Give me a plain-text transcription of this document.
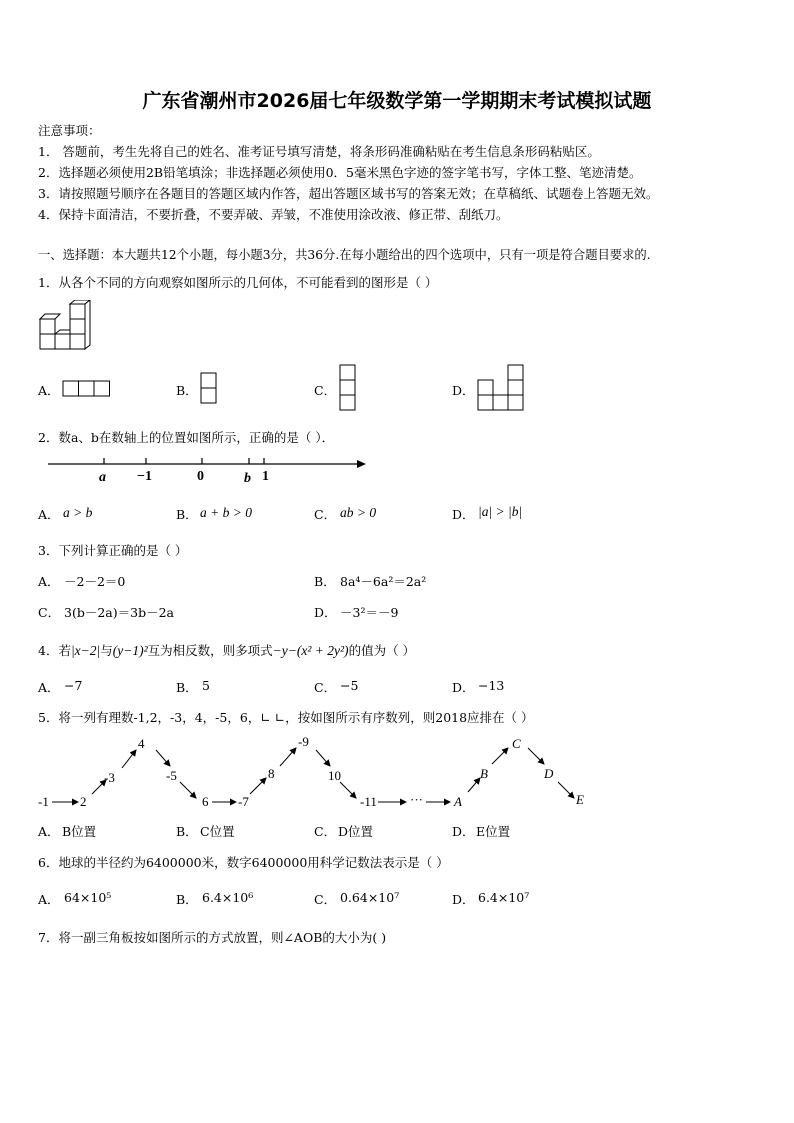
广东省潮州市2026届七年级数学第一学期期末考试模拟试题
注意事项：
1． 答题前，考生先将自己的姓名、准考证号填写清楚，将条形码准确粘贴在考生信息条形码粘贴区。
2．选择题必须使用2B铅笔填涂；非选择题必须使用0．5毫米黑色字迹的签字笔书写，字体工整、笔迹清楚。
3．请按照题号顺序在各题目的答题区域内作答，超出答题区域书写的答案无效；在草稿纸、试题卷上答题无效。
4．保持卡面清洁，不要折叠，不要弄破、弄皱，不准使用涂改液、修正带、刮纸刀。
一、选择题：本大题共12个小题，每小题3分，共36分.在每小题给出的四个选项中，只有一项是符合题目要求的.
1．从各个不同的方向观察如图所示的几何体，不可能看到的图形是（ ）
A．	B．	C．	D．
2．数a、b在数轴上的位置如图所示，正确的是（ ）．
a −1	0	b 1
A． a > b	B． a + b > 0	C． ab > 0	D． |a| > |b|
3．下列计算正确的是（ ）
A． －2－2＝0	B． 8a⁴－6a²＝2a²
C． 3(b－2a)＝3b－2a	D． －3²＝－9
4．若|x−2|与(y−1)²互为相反数，则多项式−y−(x² + 2y²)的值为（ ）
A． −7	B． 5	C． −5	D． −13
5．将一列有理数-1,2，-3，4，-5，6，∟ ∟，按如图所示有序数列，则2018应排在（ ）
-1 2
-3
4
-5
6 -7
8
-9
10
-11	··· A
B
C
D
E
A． B位置	B． C位置	C． D位置	D． E位置
6．地球的半径约为6400000米，数字6400000用科学记数法表示是（ ）
A． 64×10⁵	B． 6.4×10⁶	C． 0.64×10⁷	D． 6.4×10⁷
7．将一副三角板按如图所示的方式放置，则∠AOB的大小为( )
